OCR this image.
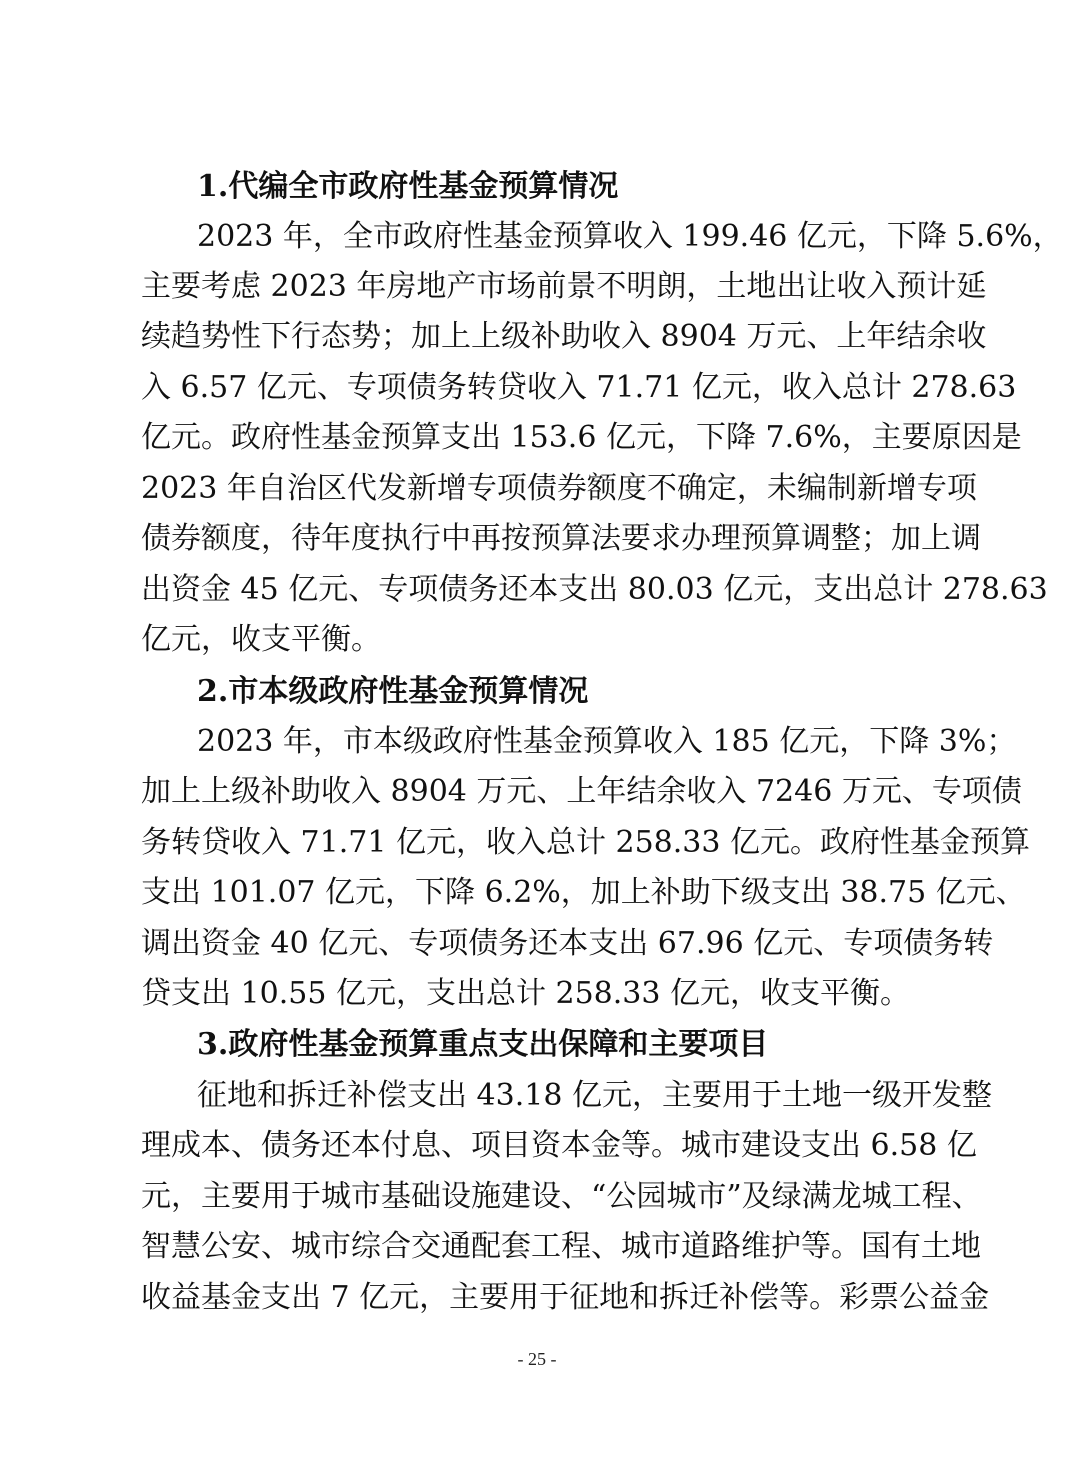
1.代编全市政府性基金预算情况
2023 年，全市政府性基金预算收入 199.46 亿元，下降 5.6%，
主要考虑 2023 年房地产市场前景不明朗，土地出让收入预计延
续趋势性下行态势；加上上级补助收入 8904 万元、上年结余收
入 6.57 亿元、专项债务转贷收入 71.71 亿元，收入总计 278.63
亿元。政府性基金预算支出 153.6 亿元，下降 7.6%，主要原因是
2023 年自治区代发新增专项债券额度不确定，未编制新增专项
债券额度，待年度执行中再按预算法要求办理预算调整；加上调
出资金 45 亿元、专项债务还本支出 80.03 亿元，支出总计 278.63
亿元，收支平衡。
2.市本级政府性基金预算情况
2023 年，市本级政府性基金预算收入 185 亿元，下降 3%；
加上上级补助收入 8904 万元、上年结余收入 7246 万元、专项债
务转贷收入 71.71 亿元，收入总计 258.33 亿元。政府性基金预算
支出 101.07 亿元，下降 6.2%，加上补助下级支出 38.75 亿元、
调出资金 40 亿元、专项债务还本支出 67.96 亿元、专项债务转
贷支出 10.55 亿元，支出总计 258.33 亿元，收支平衡。
3.政府性基金预算重点支出保障和主要项目
征地和拆迁补偿支出 43.18 亿元，主要用于土地一级开发整
理成本、债务还本付息、项目资本金等。城市建设支出 6.58 亿
元，主要用于城市基础设施建设、“公园城市”及绿满龙城工程、
智慧公安、城市综合交通配套工程、城市道路维护等。国有土地
收益基金支出 7 亿元，主要用于征地和拆迁补偿等。彩票公益金
- 25 -
